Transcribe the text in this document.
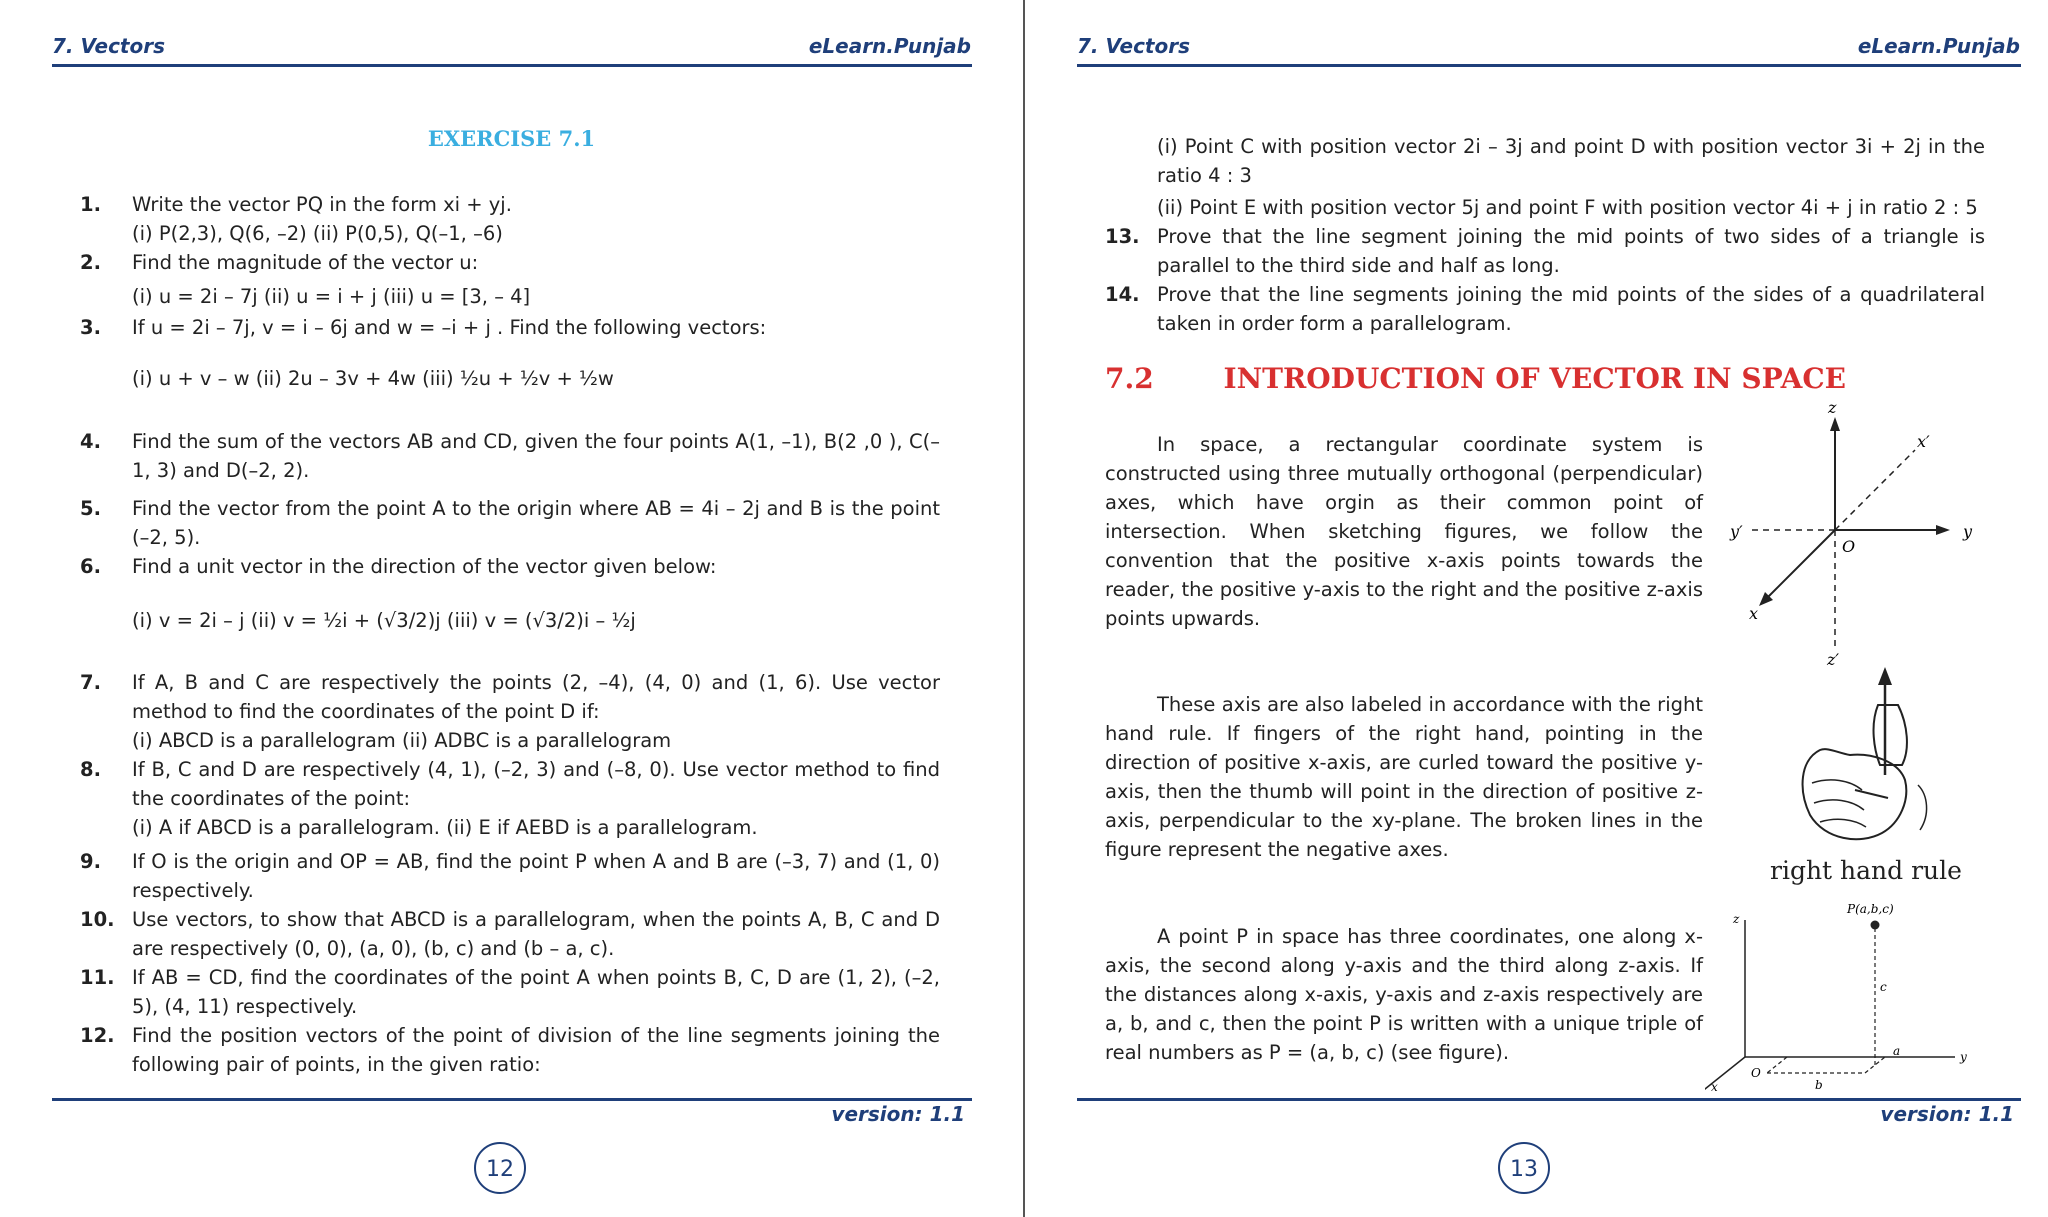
7. Vectors	eLearn.Punjab
EXERCISE 7.1
1. Write the vector PQ in the form xi + yj.
(i) P(2,3), Q(6, –2) (ii) P(0,5), Q(–1, –6)
2. Find the magnitude of the vector u:
(i) u = 2i – 7j (ii) u = i + j (iii) u = [3, – 4]
3. If u = 2i – 7j, v = i – 6j and w = –i + j . Find the following vectors:
(i) u + v – w (ii) 2u – 3v + 4w (iii) ½u + ½v + ½w
4. Find the sum of the vectors AB and CD, given the four points A(1, –1), B(2 ,0 ), C(–1, 3) and D(–2, 2).
5. Find the vector from the point A to the origin where AB = 4i – 2j and B is the point (–2, 5).
6. Find a unit vector in the direction of the vector given below:
(i) v = 2i – j (ii) v = ½i + (√3/2)j (iii) v = (√3/2)i – ½j
7. If A, B and C are respectively the points (2, –4), (4, 0) and (1, 6). Use vector method to find the coordinates of the point D if:
(i) ABCD is a parallelogram (ii) ADBC is a parallelogram
8. If B, C and D are respectively (4, 1), (–2, 3) and (–8, 0). Use vector method to find the coordinates of the point:
(i) A if ABCD is a parallelogram. (ii) E if AEBD is a parallelogram.
9. If O is the origin and OP = AB, find the point P when A and B are (–3, 7) and (1, 0) respectively.
10. Use vectors, to show that ABCD is a parallelogram, when the points A, B, C and D are respectively (0, 0), (a, 0), (b, c) and (b – a, c).
11. If AB = CD, find the coordinates of the point A when points B, C, D are (1, 2), (–2, 5), (4, 11) respectively.
12. Find the position vectors of the point of division of the line segments joining the following pair of points, in the given ratio:
version: 1.1
12
7. Vectors	eLearn.Punjab
(i) Point C with position vector 2i – 3j and point D with position vector 3i + 2j in the ratio 4 : 3
(ii) Point E with position vector 5j and point F with position vector 4i + j in ratio 2 : 5
13. Prove that the line segment joining the mid points of two sides of a triangle is parallel to the third side and half as long.
14. Prove that the line segments joining the mid points of the sides of a quadrilateral taken in order form a parallelogram.
7.2 INTRODUCTION OF VECTOR IN SPACE
In space, a rectangular coordinate system is constructed using three mutually orthogonal (perpendicular) axes, which have orgin as their common point of intersection. When sketching figures, we follow the convention that the positive x-axis points towards the reader, the positive y-axis to the right and the positive z-axis points upwards.
These axis are also labeled in accordance with the right hand rule. If fingers of the right hand, pointing in the direction of positive x-axis, are curled toward the positive y-axis, then the thumb will point in the direction of positive z-axis, perpendicular to the xy-plane. The broken lines in the figure represent the negative axes.
A point P in space has three coordinates, one along x-axis, the second along y-axis and the third along z-axis. If the distances along x-axis, y-axis and z-axis respectively are a, b, and c, then the point P is written with a unique triple of real numbers as P = (a, b, c) (see figure).
z
x′
y′	y
O
x
z′
right hand rule
P(a,b,c)
z
O
c
y
a
b
x
version: 1.1
13
